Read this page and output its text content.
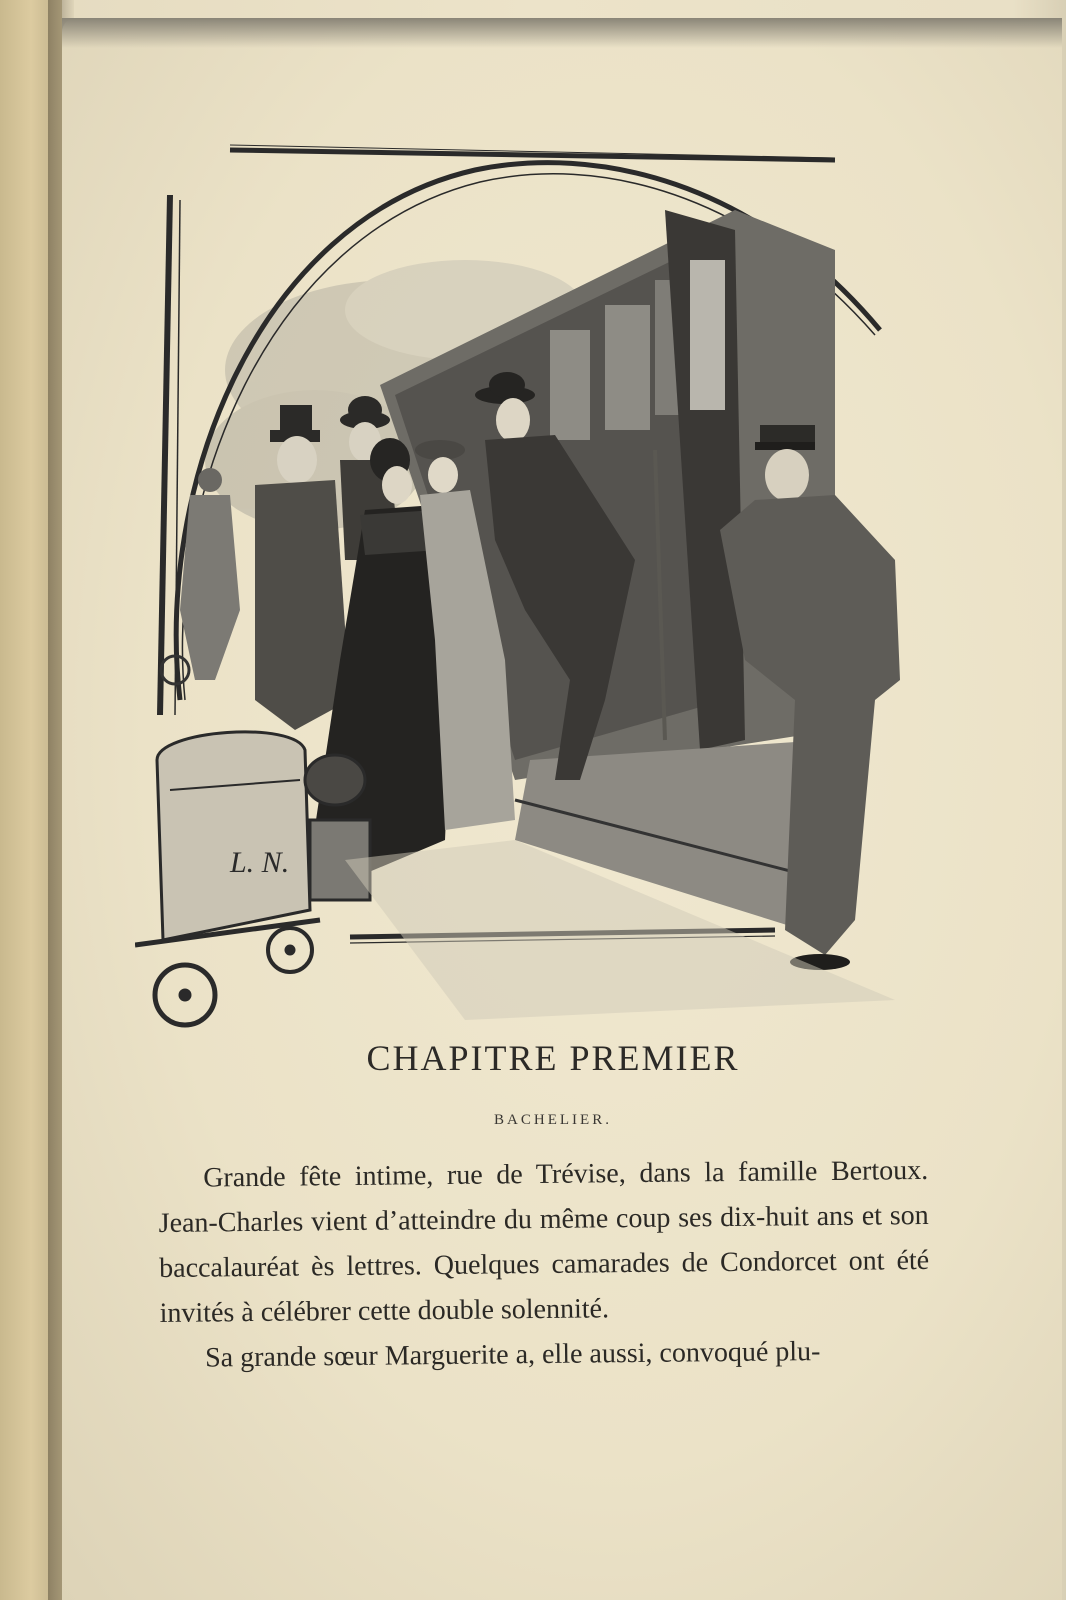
L. N.
CHAPITRE PREMIER
BACHELIER.

Grande fête intime, rue de Trévise, dans la famille Bertoux. Jean-Charles vient d’atteindre du même coup ses dix-huit ans et son baccalauréat ès lettres. Quelques camarades de Condorcet ont été invités à célébrer cette double solennité.

Sa grande sœur Marguerite a, elle aussi, convoqué plu-
